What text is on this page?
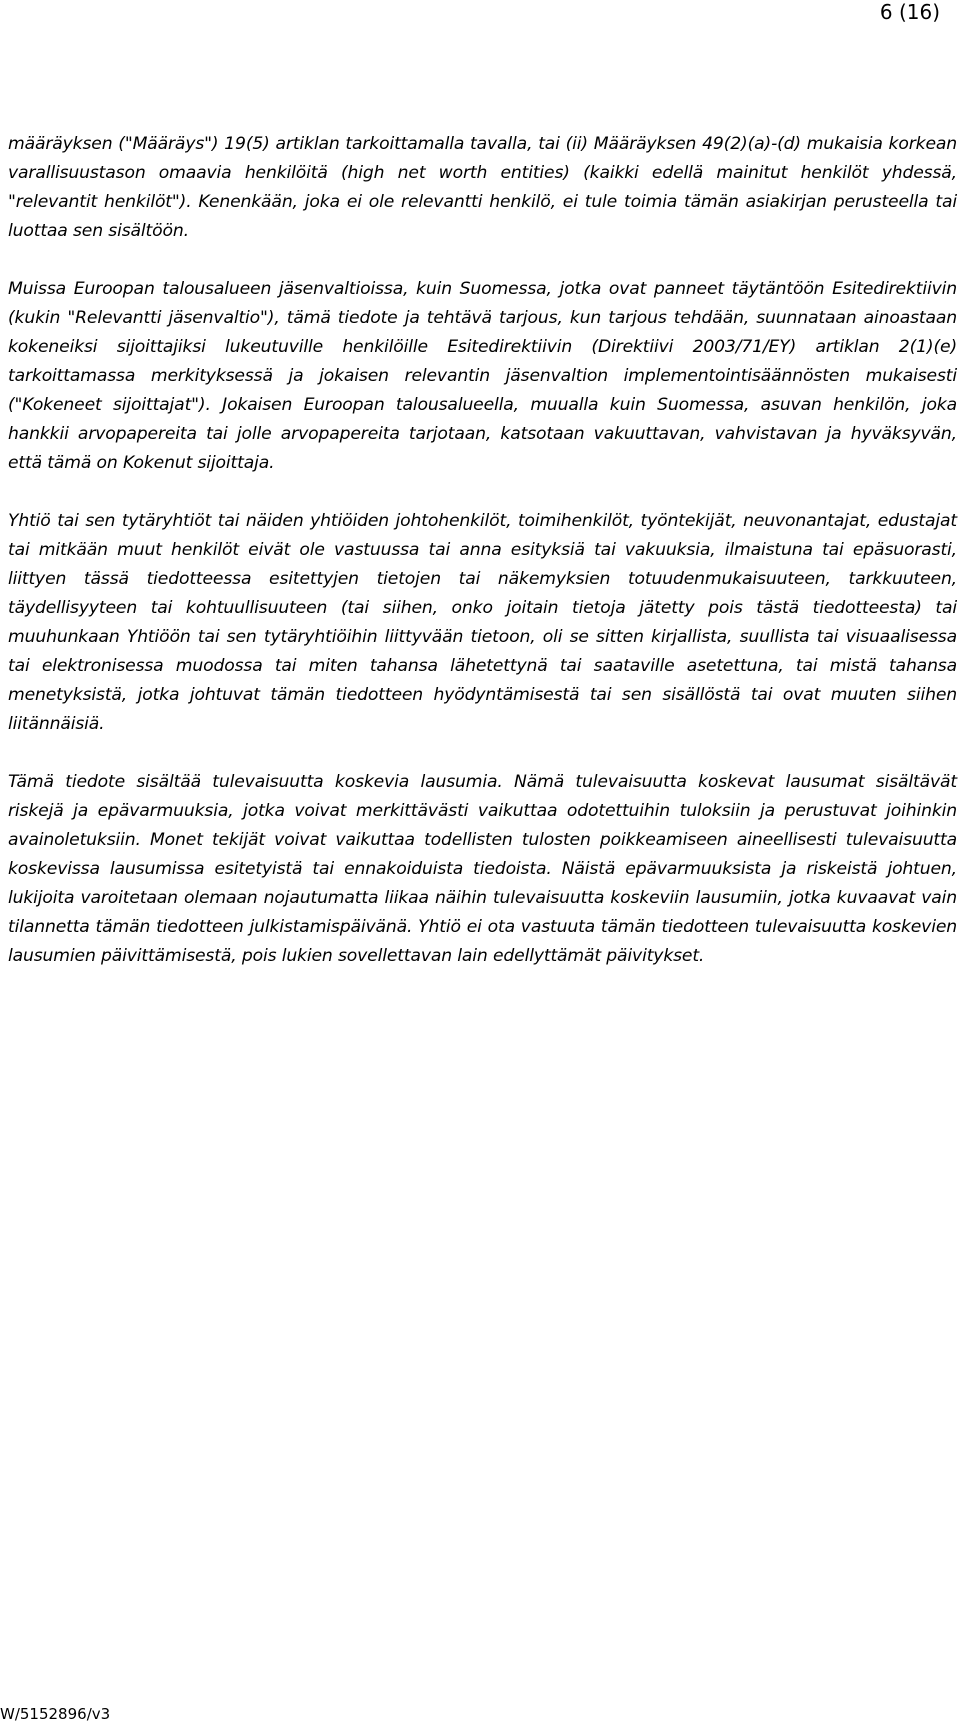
6 (16)

määräyksen ("Määräys") 19(5) artiklan tarkoittamalla tavalla, tai (ii) Määräyksen 49(2)(a)-(d) mukaisia korkean varallisuustason omaavia henkilöitä (high net worth entities) (kaikki edellä mainitut henkilöt yhdessä, "relevantit henkilöt"). Kenenkään, joka ei ole relevantti henkilö, ei tule toimia tämän asiakirjan perusteella tai luottaa sen sisältöön.

Muissa Euroopan talousalueen jäsenvaltioissa, kuin Suomessa, jotka ovat panneet täytäntöön Esitedirektiivin (kukin "Relevantti jäsenvaltio"), tämä tiedote ja tehtävä tarjous, kun tarjous tehdään, suunnataan ainoastaan kokeneiksi sijoittajiksi lukeutuville henkilöille Esitedirektiivin (Direktiivi 2003/71/EY) artiklan 2(1)(e) tarkoittamassa merkityksessä ja jokaisen relevantin jäsenvaltion implementointisäännösten mukaisesti ("Kokeneet sijoittajat"). Jokaisen Euroopan talousalueella, muualla kuin Suomessa, asuvan henkilön, joka hankkii arvopapereita tai jolle arvopapereita tarjotaan, katsotaan vakuuttavan, vahvistavan ja hyväksyvän, että tämä on Kokenut sijoittaja.

Yhtiö tai sen tytäryhtiöt tai näiden yhtiöiden johtohenkilöt, toimihenkilöt, työntekijät, neuvonantajat, edustajat tai mitkään muut henkilöt eivät ole vastuussa tai anna esityksiä tai vakuuksia, ilmaistuna tai epäsuorasti, liittyen tässä tiedotteessa esitettyjen tietojen tai näkemyksien totuudenmukaisuuteen, tarkkuuteen, täydellisyyteen tai kohtuullisuuteen (tai siihen, onko joitain tietoja jätetty pois tästä tiedotteesta) tai muuhunkaan Yhtiöön tai sen tytäryhtiöihin liittyvään tietoon, oli se sitten kirjallista, suullista tai visuaalisessa tai elektronisessa muodossa tai miten tahansa lähetettynä tai saataville asetettuna, tai mistä tahansa menetyksistä, jotka johtuvat tämän tiedotteen hyödyntämisestä tai sen sisällöstä tai ovat muuten siihen liitännäisiä.

Tämä tiedote sisältää tulevaisuutta koskevia lausumia. Nämä tulevaisuutta koskevat lausumat sisältävät riskejä ja epävarmuuksia, jotka voivat merkittävästi vaikuttaa odotettuihin tuloksiin ja perustuvat joihinkin avainoletuksiin. Monet tekijät voivat vaikuttaa todellisten tulosten poikkeamiseen aineellisesti tulevaisuutta koskevissa lausumissa esitetyistä tai ennakoiduista tiedoista. Näistä epävarmuuksista ja riskeistä johtuen, lukijoita varoitetaan olemaan nojautumatta liikaa näihin tulevaisuutta koskeviin lausumiin, jotka kuvaavat vain tilannetta tämän tiedotteen julkistamispäivänä. Yhtiö ei ota vastuuta tämän tiedotteen tulevaisuutta koskevien lausumien päivittämisestä, pois lukien sovellettavan lain edellyttämät päivitykset.

W/5152896/v3
